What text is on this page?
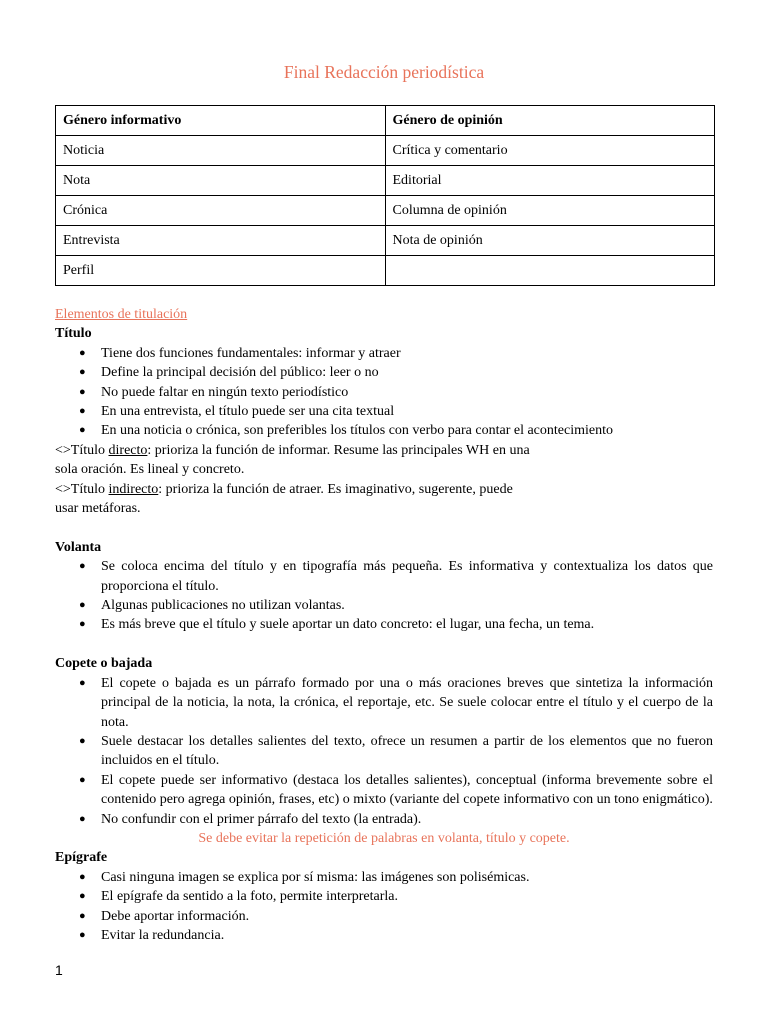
Final Redacción periodística
Género informativo	Género de opinión
Noticia	Crítica y comentario
Nota	Editorial
Crónica	Columna de opinión
Entrevista	Nota de opinión
Perfil	
Elementos de titulación
Título
● Tiene dos funciones fundamentales: informar y atraer
● Define la principal decisión del público: leer o no
● No puede faltar en ningún texto periodístico
● En una entrevista, el título puede ser una cita textual
● En una noticia o crónica, son preferibles los títulos con verbo para contar el acontecimiento
<>Título directo: prioriza la función de informar. Resume las principales WH en una
sola oración. Es lineal y concreto.
<>Título indirecto: prioriza la función de atraer. Es imaginativo, sugerente, puede
usar metáforas.
Volanta
● Se coloca encima del título y en tipografía más pequeña. Es informativa y contextualiza los datos que proporciona el título.
● Algunas publicaciones no utilizan volantas.
● Es más breve que el título y suele aportar un dato concreto: el lugar, una fecha, un tema.
Copete o bajada
● El copete o bajada es un párrafo formado por una o más oraciones breves que sintetiza la información principal de la noticia, la nota, la crónica, el reportaje, etc. Se suele colocar entre el título y el cuerpo de la nota.
● Suele destacar los detalles salientes del texto, ofrece un resumen a partir de los elementos que no fueron incluidos en el título.
● El copete puede ser informativo (destaca los detalles salientes), conceptual (informa brevemente sobre el contenido pero agrega opinión, frases, etc) o mixto (variante del copete informativo con un tono enigmático).
● No confundir con el primer párrafo del texto (la entrada).
Se debe evitar la repetición de palabras en volanta, título y copete.
Epígrafe
● Casi ninguna imagen se explica por sí misma: las imágenes son polisémicas.
● El epígrafe da sentido a la foto, permite interpretarla.
● Debe aportar información.
● Evitar la redundancia.
1
